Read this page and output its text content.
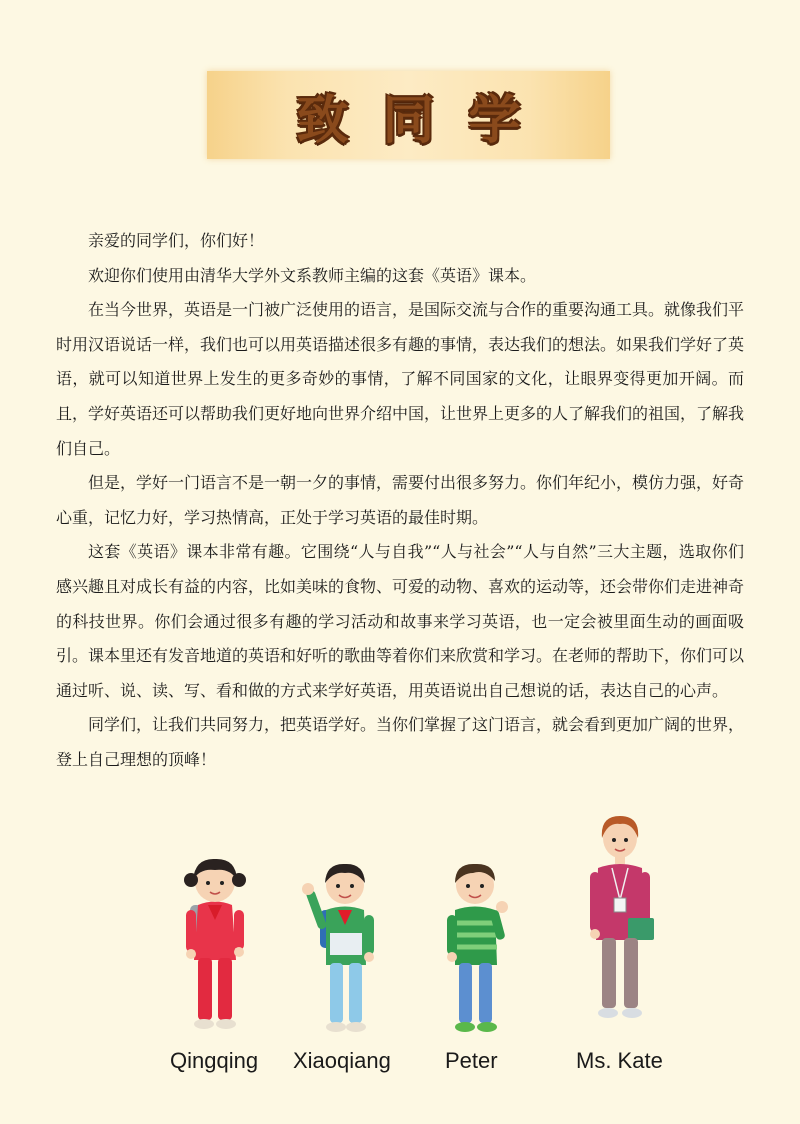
致同学

亲爱的同学们，你们好！

欢迎你们使用由清华大学外文系教师主编的这套《英语》课本。

在当今世界，英语是一门被广泛使用的语言，是国际交流与合作的重要沟通工具。就像我们平时用汉语说话一样，我们也可以用英语描述很多有趣的事情，表达我们的想法。如果我们学好了英语，就可以知道世界上发生的更多奇妙的事情，了解不同国家的文化，让眼界变得更加开阔。而且，学好英语还可以帮助我们更好地向世界介绍中国，让世界上更多的人了解我们的祖国，了解我们自己。

但是，学好一门语言不是一朝一夕的事情，需要付出很多努力。你们年纪小，模仿力强，好奇心重，记忆力好，学习热情高，正处于学习英语的最佳时期。

这套《英语》课本非常有趣。它围绕“人与自我”“人与社会”“人与自然”三大主题，选取你们感兴趣且对成长有益的内容，比如美味的食物、可爱的动物、喜欢的运动等，还会带你们走进神奇的科技世界。你们会通过很多有趣的学习活动和故事来学习英语，也一定会被里面生动的画面吸引。课本里还有发音地道的英语和好听的歌曲等着你们来欣赏和学习。在老师的帮助下，你们可以通过听、说、读、写、看和做的方式来学好英语，用英语说出自己想说的话，表达自己的心声。

同学们，让我们共同努力，把英语学好。当你们掌握了这门语言，就会看到更加广阔的世界，登上自己理想的顶峰！

Qingqing Xiaoqiang Peter	Ms. Kate
